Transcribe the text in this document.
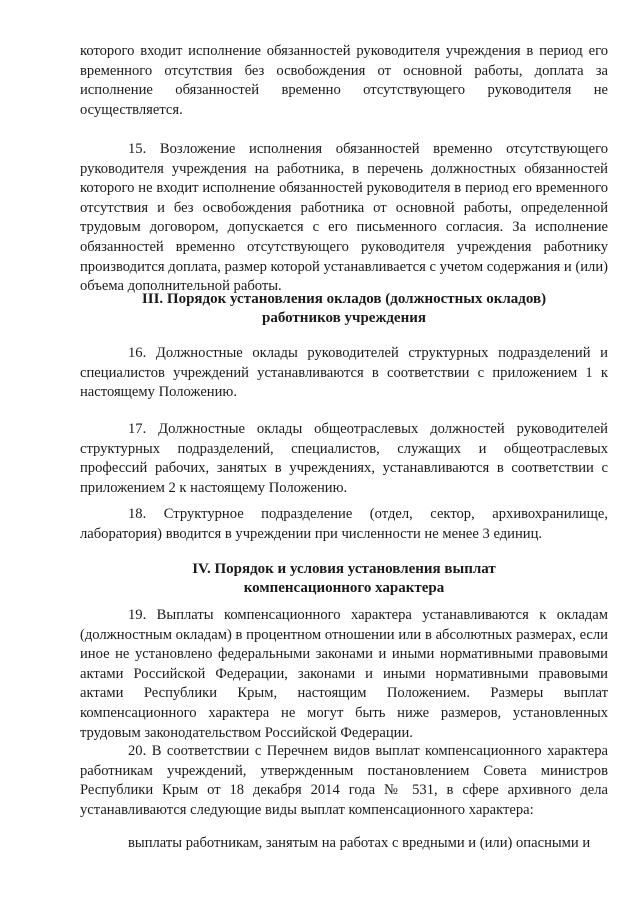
которого входит исполнение обязанностей руководителя учреждения в период его временного отсутствия без освобождения от основной работы, доплата за исполнение обязанностей временно отсутствующего руководителя не осуществляется.

15. Возложение исполнения обязанностей временно отсутствующего руководителя учреждения на работника, в перечень должностных обязанностей которого не входит исполнение обязанностей руководителя в период его временного отсутствия и без освобождения работника от основной работы, определенной трудовым договором, допускается с его письменного согласия. За исполнение обязанностей временно отсутствующего руководителя учреждения работнику производится доплата, размер которой устанавливается с учетом содержания и (или) объема дополнительной работы.

III. Порядок установления окладов (должностных окладов)
работников учреждения

16. Должностные оклады руководителей структурных подразделений и специалистов учреждений устанавливаются в соответствии с приложением 1 к настоящему Положению.

17. Должностные оклады общеотраслевых должностей руководителей структурных подразделений, специалистов, служащих и общеотраслевых профессий рабочих, занятых в учреждениях, устанавливаются в соответствии с приложением 2 к настоящему Положению.

18. Структурное подразделение (отдел, сектор, архивохранилище, лаборатория) вводится в учреждении при численности не менее 3 единиц.

IV. Порядок и условия установления выплат
компенсационного характера

19. Выплаты компенсационного характера устанавливаются к окладам (должностным окладам) в процентном отношении или в абсолютных размерах, если иное не установлено федеральными законами и иными нормативными правовыми актами Российской Федерации, законами и иными нормативными правовыми актами Республики Крым, настоящим Положением. Размеры выплат компенсационного характера не могут быть ниже размеров, установленных трудовым законодательством Российской Федерации.

20. В соответствии с Перечнем видов выплат компенсационного характера работникам учреждений, утвержденным постановлением Совета министров Республики Крым от 18 декабря 2014 года № 531, в сфере архивного дела устанавливаются следующие виды выплат компенсационного характера:

выплаты работникам, занятым на работах с вредными и (или) опасными и
